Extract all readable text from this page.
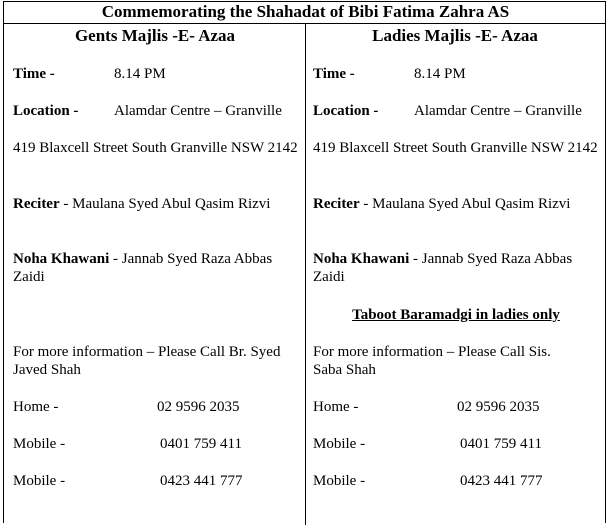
Commemorating the Shahadat of Bibi Fatima Zahra AS
Gents Majlis -E- Azaa
Time -	8.14 PM
Location - Alamdar Centre – Granville
419 Blaxcell Street South Granville NSW 2142
Reciter - Maulana Syed Abul Qasim Rizvi
Noha Khawani - Jannab Syed Raza Abbas Zaidi
For more information – Please Call Br. Syed Javed Shah
Home -	02 9596 2035
Mobile -	0401 759 411
Mobile -	0423 441 777
Ladies Majlis -E- Azaa
Time -	8.14 PM
Location - Alamdar Centre – Granville
419 Blaxcell Street South Granville NSW 2142
Reciter - Maulana Syed Abul Qasim Rizvi
Noha Khawani - Jannab Syed Raza Abbas Zaidi
Taboot Baramadgi in ladies only
For more information – Please Call Sis. Saba Shah
Home -	02 9596 2035
Mobile -	0401 759 411
Mobile -	0423 441 777
